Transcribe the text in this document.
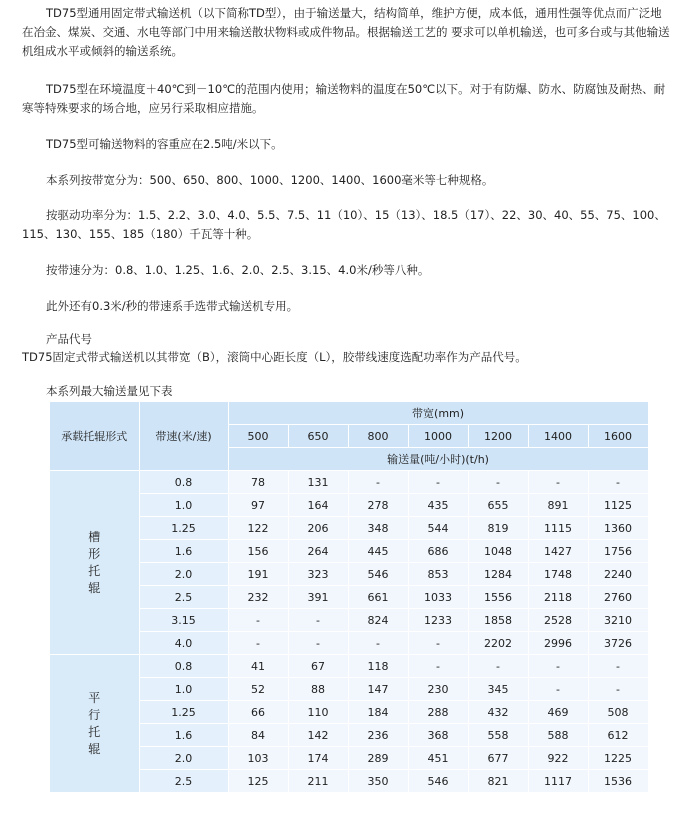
TD75型通用固定带式输送机（以下简称TD型），由于输送量大，结构简单，维护方便，成本低，通用性强等优点而广泛地在冶金、煤炭、交通、水电等部门中用来输送散状物料或成件物品。根据输送工艺的 要求可以单机输送，也可多台或与其他输送机组成水平或倾斜的输送系统。

TD75型在环境温度＋40℃到－10℃的范围内使用；输送物料的温度在50℃以下。对于有防爆、防水、防腐蚀及耐热、耐寒等特殊要求的场合地，应另行采取相应措施。

TD75型可输送物料的容重应在2.5吨/米以下。

本系列按带宽分为：500、650、800、1000、1200、1400、1600毫米等七种规格。

按驱动功率分为：1.5、2.2、3.0、4.0、5.5、7.5、11（10）、15（13）、18.5（17）、22、30、40、55、75、100、115、130、155、185（180）千瓦等十种。

按带速分为：0.8、1.0、1.25、1.6、2.0、2.5、3.15、4.0米/秒等八种。

此外还有0.3米/秒的带速系手选带式输送机专用。

产品代号
TD75固定式带式输送机以其带宽（B），滚筒中心距长度（L），胶带线速度选配功率作为产品代号。

本系列最大输送量见下表

承载托辊形式	带速(米/速)	带宽(mm)						
		500	650	800	1000	1200	1400	1600
		输送量(吨/小时)(t/h)						

槽
形
托
辊	0.8	78	131	-	-	-	-	-
	1.0	97	164	278	435	655	891	1125
	1.25	122	206	348	544	819	1115	1360
	1.6	156	264	445	686	1048	1427	1756
	2.0	191	323	546	853	1284	1748	2240
	2.5	232	391	661	1033	1556	2118	2760
	3.15	-	-	824	1233	1858	2528	3210
	4.0	-	-	-	-	2202	2996	3726

平
行
托
辊	0.8	41	67	118	-	-	-	-
	1.0	52	88	147	230	345	-	-
	1.25	66	110	184	288	432	469	508
	1.6	84	142	236	368	558	588	612
	2.0	103	174	289	451	677	922	1225
	2.5	125	211	350	546	821	1117	1536
